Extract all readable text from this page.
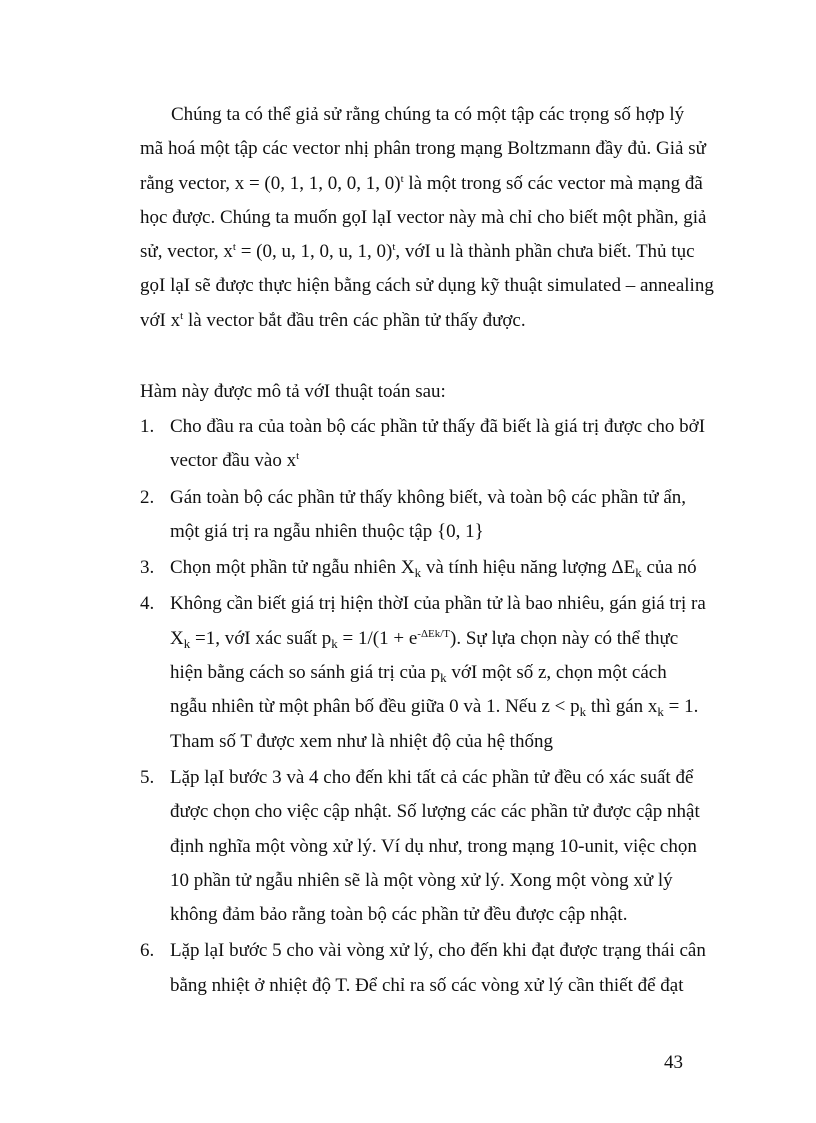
Chúng ta có thể giả sử rằng chúng ta có một tập các trọng số hợp lý
mã hoá một tập các vector nhị phân trong mạng Boltzmann đầy đủ. Giả sử
rằng vector, x = (0, 1, 1, 0, 0, 1, 0)$^t$ là một trong số các vector mà mạng đã
học được. Chúng ta muốn gọI lạI vector này mà chỉ cho biết một phần, giả
sử, vector, $x^t = (0$, u, 1, 0, u, 1, 0)$^t$, vớI u là thành phần chưa biết. Thủ tục
gọI lạI sẽ được thực hiện bằng cách sử dụng kỹ thuật simulated – annealing
vớI $x^t$ là vector bắt đầu trên các phần tử thấy được.
Hàm này được mô tả vớI thuật toán sau:
1. Cho đầu ra của toàn bộ các phần tử thấy đã biết là giá trị được cho bởI
vector đầu vào $x^t$
2. Gán toàn bộ các phần tử thấy không biết, và toàn bộ các phần tử ẩn,
một giá trị ra ngẫu nhiên thuộc tập {0, 1}
3. Chọn một phần tử ngẫu nhiên $X_k$ và tính hiệu năng lượng $\Delta E_k$ của nó
4. Không cần biết giá trị hiện thờI của phần tử là bao nhiêu, gán giá trị ra
$X_k =1$, vớI xác suất $p_k = 1/(1 + e^{-\Delta Ek/T})$. Sự lựa chọn này có thể thực
hiện bằng cách so sánh giá trị của $p_k$ vớI một số z, chọn một cách
ngẫu nhiên từ một phân bố đều giữa 0 và 1. Nếu $z < p_k$ thì gán $x_k = 1$.
Tham số T được xem như là nhiệt độ của hệ thống
5. Lặp lạI bước 3 và 4 cho đến khi tất cả các phần tử đều có xác suất để
được chọn cho việc cập nhật. Số lượng các các phần tử được cập nhật
định nghĩa một vòng xử lý. Ví dụ như, trong mạng 10-unit, việc chọn
10 phần tử ngẫu nhiên sẽ là một vòng xử lý. Xong một vòng xử lý
không đảm bảo rằng toàn bộ các phần tử đều được cập nhật.
6. Lặp lạI bước 5 cho vài vòng xử lý, cho đến khi đạt được trạng thái cân
bằng nhiệt ở nhiệt độ T. Để chỉ ra số các vòng xử lý cần thiết để đạt
43
